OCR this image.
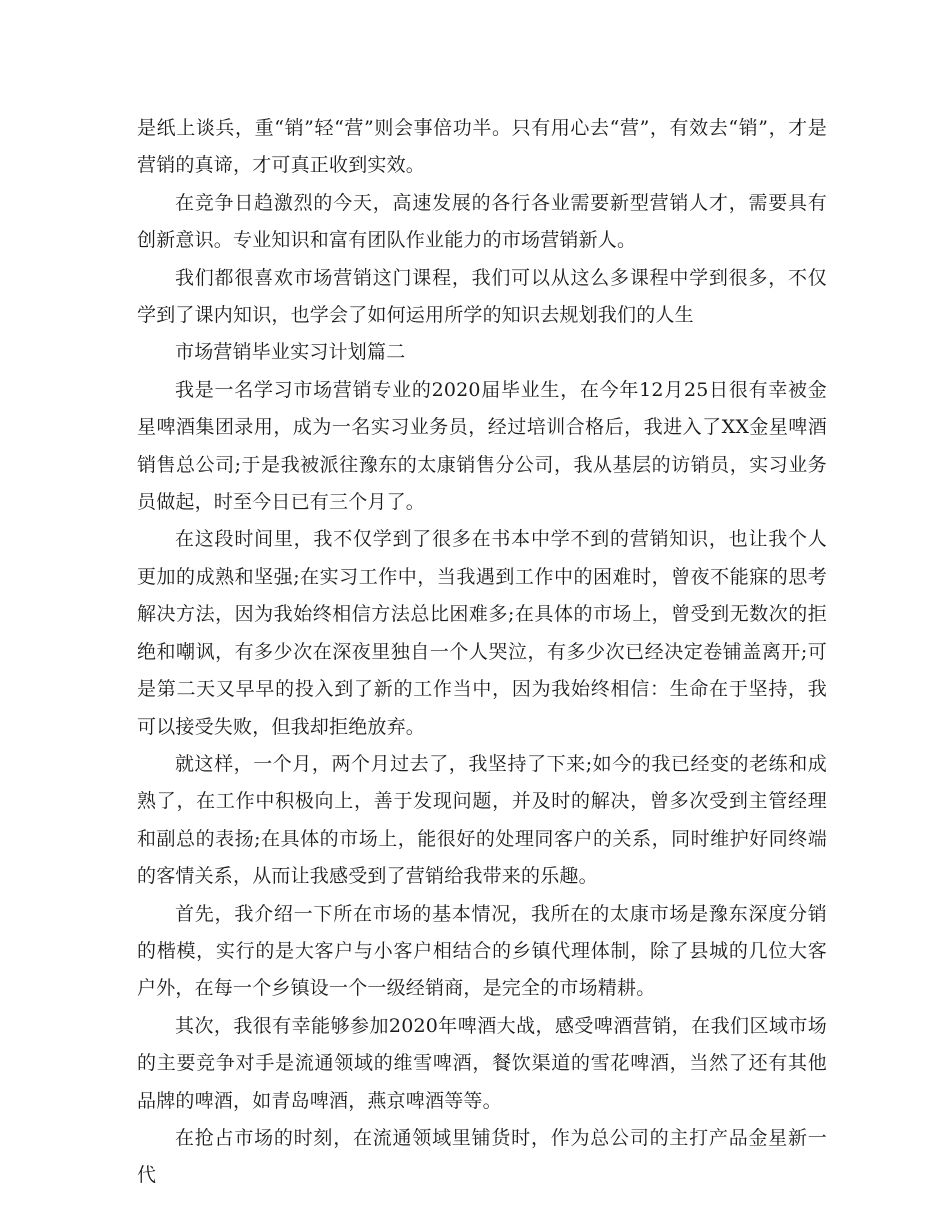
是纸上谈兵，重“销”轻“营”则会事倍功半。只有用心去“营”，有效去“销”，才是营销的真谛，才可真正收到实效。

在竞争日趋激烈的今天，高速发展的各行各业需要新型营销人才，需要具有创新意识。专业知识和富有团队作业能力的市场营销新人。

我们都很喜欢市场营销这门课程，我们可以从这么多课程中学到很多，不仅学到了课内知识，也学会了如何运用所学的知识去规划我们的人生

市场营销毕业实习计划篇二

我是一名学习市场营销专业的2020届毕业生，在今年12月25日很有幸被金星啤酒集团录用，成为一名实习业务员，经过培训合格后，我进入了XX金星啤酒销售总公司;于是我被派往豫东的太康销售分公司，我从基层的访销员，实习业务员做起，时至今日已有三个月了。

在这段时间里，我不仅学到了很多在书本中学不到的营销知识，也让我个人更加的成熟和坚强;在实习工作中，当我遇到工作中的困难时，曾夜不能寐的思考解决方法，因为我始终相信方法总比困难多;在具体的市场上，曾受到无数次的拒绝和嘲讽，有多少次在深夜里独自一个人哭泣，有多少次已经决定卷铺盖离开;可是第二天又早早的投入到了新的工作当中，因为我始终相信：生命在于坚持，我可以接受失败，但我却拒绝放弃。

就这样，一个月，两个月过去了，我坚持了下来;如今的我已经变的老练和成熟了，在工作中积极向上，善于发现问题，并及时的解决，曾多次受到主管经理和副总的表扬;在具体的市场上，能很好的处理同客户的关系，同时维护好同终端的客情关系，从而让我感受到了营销给我带来的乐趣。

首先，我介绍一下所在市场的基本情况，我所在的太康市场是豫东深度分销的楷模，实行的是大客户与小客户相结合的乡镇代理体制，除了县城的几位大客户外，在每一个乡镇设一个一级经销商，是完全的市场精耕。

其次，我很有幸能够参加2020年啤酒大战，感受啤酒营销，在我们区域市场的主要竞争对手是流通领域的维雪啤酒，餐饮渠道的雪花啤酒，当然了还有其他品牌的啤酒，如青岛啤酒，燕京啤酒等等。

在抢占市场的时刻，在流通领域里铺货时，作为总公司的主打产品金星新一代
